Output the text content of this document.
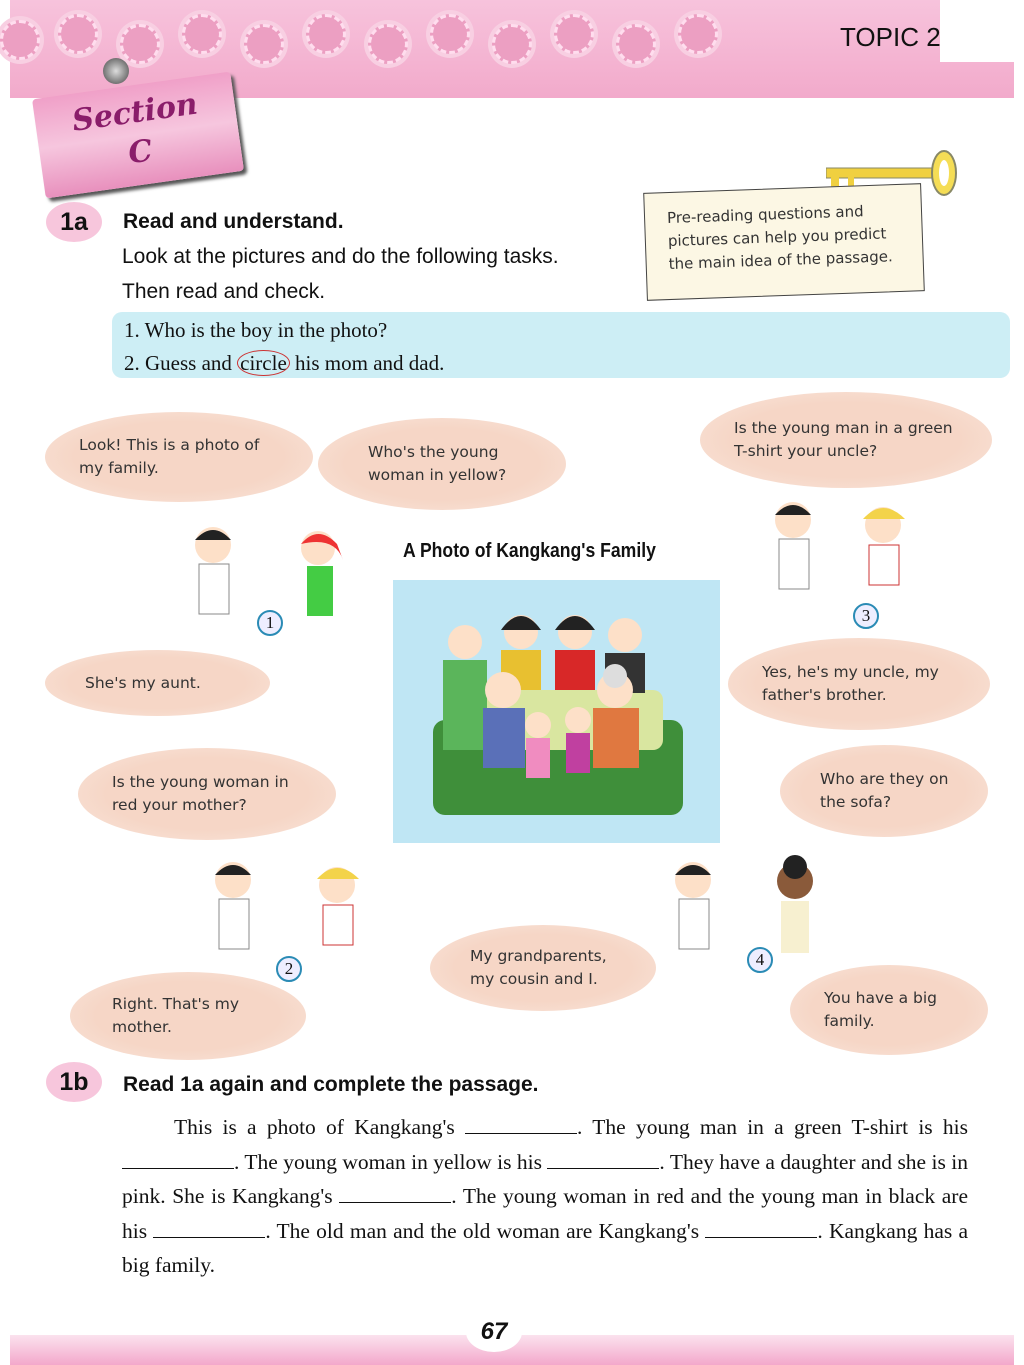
TOPIC 2
Section
C
1a	Read and understand.
Look at the pictures and do the following tasks.
Then read and check.
1. Who is the boy in the photo?
2. Guess and circle his mom and dad.
Pre-reading questions and
pictures can help you predict
the main idea of the passage.
Look! This is a photo of
my family.
Who's the young
woman in yellow?
Is the young man in a green
T-shirt your uncle?
She's my aunt.
Yes, he's my uncle, my
father's brother.
Is the young woman in
red your mother?
Who are they on
the sofa?
My grandparents,
my cousin and I.
Right. That's my
mother.
You have a big
family.
1
2
3
4
A Photo of Kangkang's Family
1b	Read 1a again and complete the passage.
This is a photo of Kangkang's	. The young man in a green T-shirt is his . The young woman in yellow is his	. They have a daughter and she is in pink. She is Kangkang's	. The young woman in red and the young man in black are his	. The old man and the old woman are Kangkang's	. Kangkang has a big family.
67
